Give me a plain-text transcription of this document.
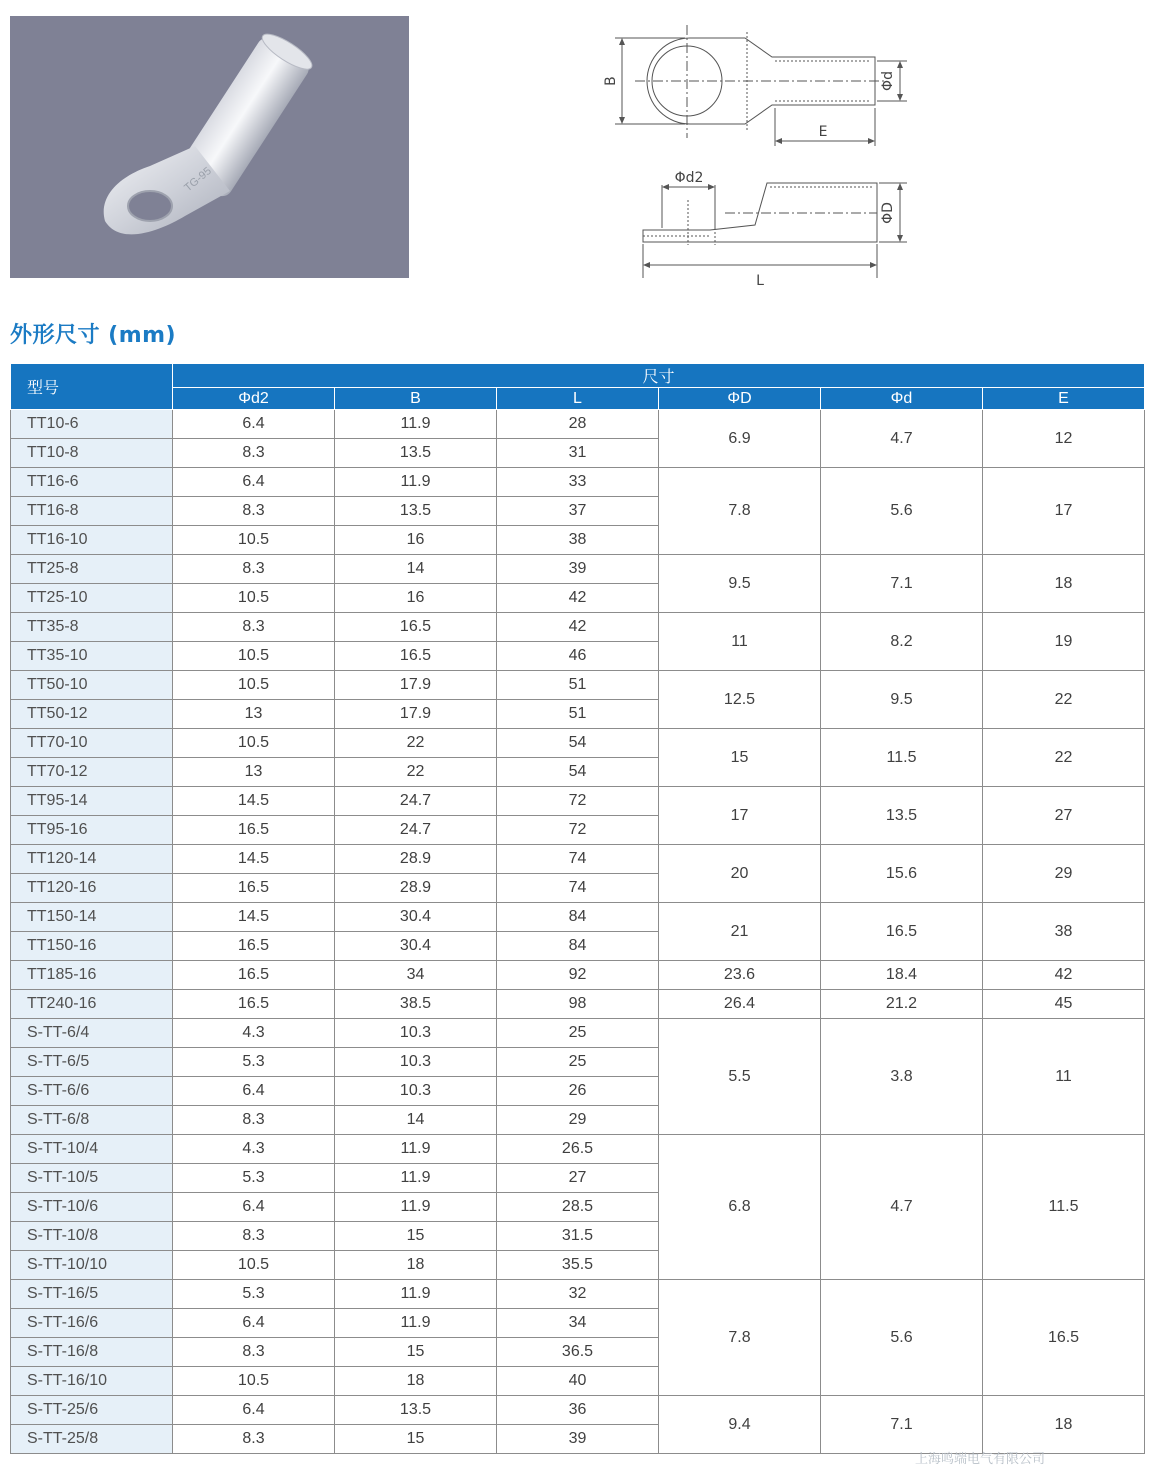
TG-95
B
E
Φd
Φd2
ΦD
L
外形尺寸 (mm)
型号	尺寸					
	Φd2	B	L	ΦD	Φd	E
TT10-6	6.4	11.9	28	6.9	4.7	12
TT10-8	8.3	13.5	31			
TT16-6	6.4	11.9	33	7.8	5.6	17
TT16-8	8.3	13.5	37			
TT16-10	10.5	16	38			
TT25-8	8.3	14	39	9.5	7.1	18
TT25-10	10.5	16	42			
TT35-8	8.3	16.5	42	11	8.2	19
TT35-10	10.5	16.5	46			
TT50-10	10.5	17.9	51	12.5	9.5	22
TT50-12	13	17.9	51			
TT70-10	10.5	22	54	15	11.5	22
TT70-12	13	22	54			
TT95-14	14.5	24.7	72	17	13.5	27
TT95-16	16.5	24.7	72			
TT120-14	14.5	28.9	74	20	15.6	29
TT120-16	16.5	28.9	74			
TT150-14	14.5	30.4	84	21	16.5	38
TT150-16	16.5	30.4	84			
TT185-16	16.5	34	92	23.6	18.4	42
TT240-16	16.5	38.5	98	26.4	21.2	45
S-TT-6/4	4.3	10.3	25	5.5	3.8	11
S-TT-6/5	5.3	10.3	25			
S-TT-6/6	6.4	10.3	26			
S-TT-6/8	8.3	14	29			
S-TT-10/4	4.3	11.9	26.5	6.8	4.7	11.5
S-TT-10/5	5.3	11.9	27			
S-TT-10/6	6.4	11.9	28.5			
S-TT-10/8	8.3	15	31.5			
S-TT-10/10	10.5	18	35.5			
S-TT-16/5	5.3	11.9	32	7.8	5.6	16.5
S-TT-16/6	6.4	11.9	34			
S-TT-16/8	8.3	15	36.5			
S-TT-16/10	10.5	18	40			
S-TT-25/6	6.4	13.5	36	9.4	7.1	18
S-TT-25/8	8.3	15	39			
上海鸣端电气有限公司
